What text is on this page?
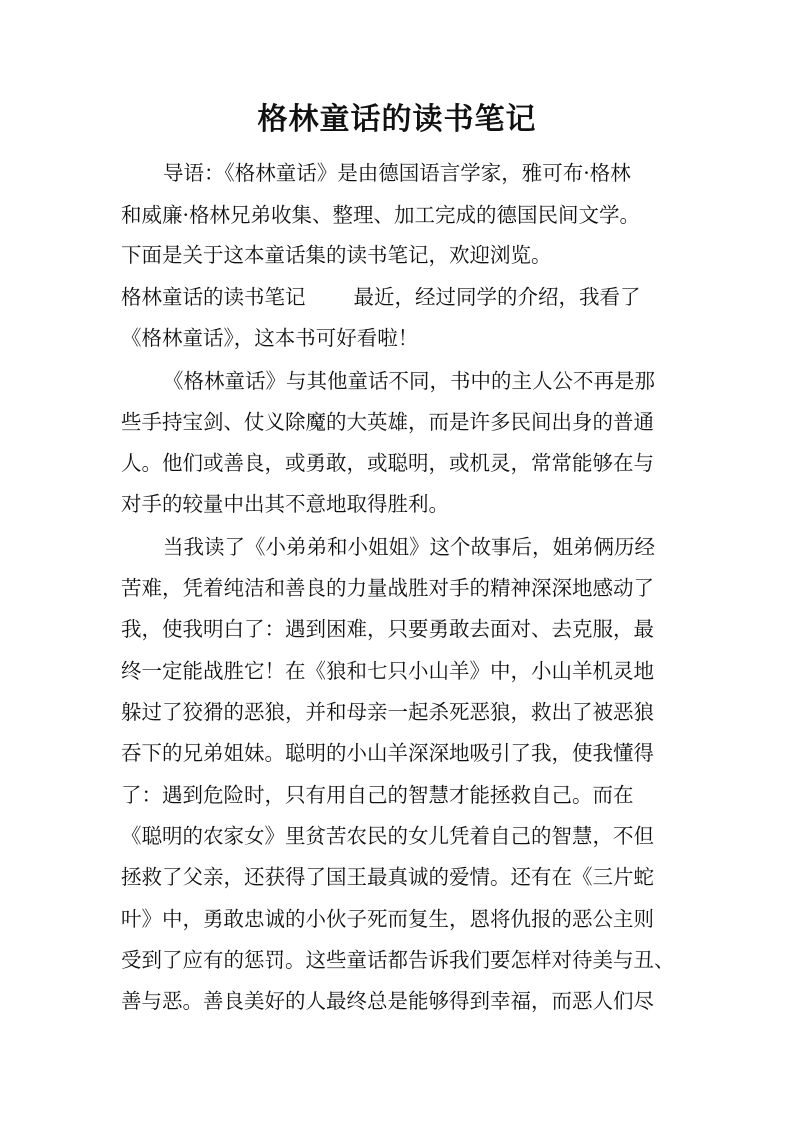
格林童话的读书笔记

导语：《格林童话》是由德国语言学家，雅可布·格林

和威廉·格林兄弟收集、整理、加工完成的德国民间文学。

下面是关于这本童话集的读书笔记，欢迎浏览。

格林童话的读书笔记 最近，经过同学的介绍，我看了

《格林童话》，这本书可好看啦！

《格林童话》与其他童话不同，书中的主人公不再是那

些手持宝剑、仗义除魔的大英雄，而是许多民间出身的普通

人。他们或善良，或勇敢，或聪明，或机灵，常常能够在与

对手的较量中出其不意地取得胜利。

当我读了《小弟弟和小姐姐》这个故事后，姐弟俩历经

苦难，凭着纯洁和善良的力量战胜对手的精神深深地感动了

我，使我明白了：遇到困难，只要勇敢去面对、去克服，最

终一定能战胜它！在《狼和七只小山羊》中，小山羊机灵地

躲过了狡猾的恶狼，并和母亲一起杀死恶狼，救出了被恶狼

吞下的兄弟姐妹。聪明的小山羊深深地吸引了我，使我懂得

了：遇到危险时，只有用自己的智慧才能拯救自己。而在

《聪明的农家女》里贫苦农民的女儿凭着自己的智慧，不但

拯救了父亲，还获得了国王最真诚的爱情。还有在《三片蛇

叶》中，勇敢忠诚的小伙子死而复生，恩将仇报的恶公主则

受到了应有的惩罚。这些童话都告诉我们要怎样对待美与丑、

善与恶。善良美好的人最终总是能够得到幸福，而恶人们尽
